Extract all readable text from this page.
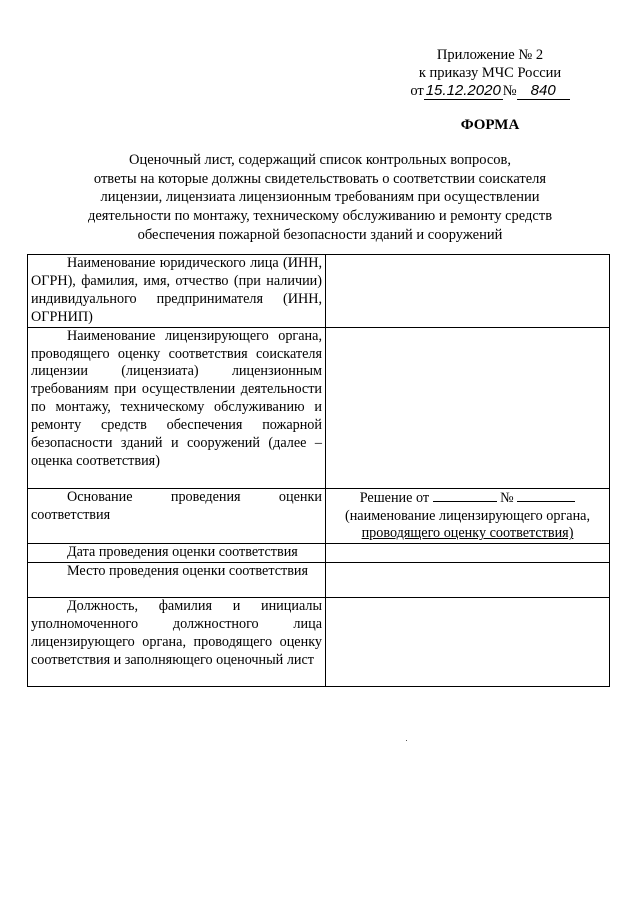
Приложение № 2
к приказу МЧС России
от 15.12.2020 № 840
ФОРМА
Оценочный лист, содержащий список контрольных вопросов,
ответы на которые должны свидетельствовать о соответствии соискателя
лицензии, лицензиата лицензионным требованиям при осуществлении
деятельности по монтажу, техническому обслуживанию и ремонту средств
обеспечения пожарной безопасности зданий и сооружений
Наименование юридического лица (ИНН, ОГРН), фамилия, имя, отчество (при наличии) индивидуального предпринимателя (ИНН, ОГРНИП)	
Наименование лицензирующего органа, проводящего оценку соответствия соискателя лицензии (лицензиата) лицензионным требованиям при осуществлении деятельности по монтажу, техническому обслуживанию и ремонту средств обеспечения пожарной безопасности зданий и сооружений (далее – оценка соответствия)	
Основание проведения оценки соответствия	Решение от №
(наименование лицензирующего органа,
проводящего оценку соответствия)

Дата проведения оценки соответствия	
Место проведения оценки соответствия	
Должность, фамилия и инициалы уполномоченного должностного лица лицензирующего органа, проводящего оценку соответствия и заполняющего оценочный лист	
